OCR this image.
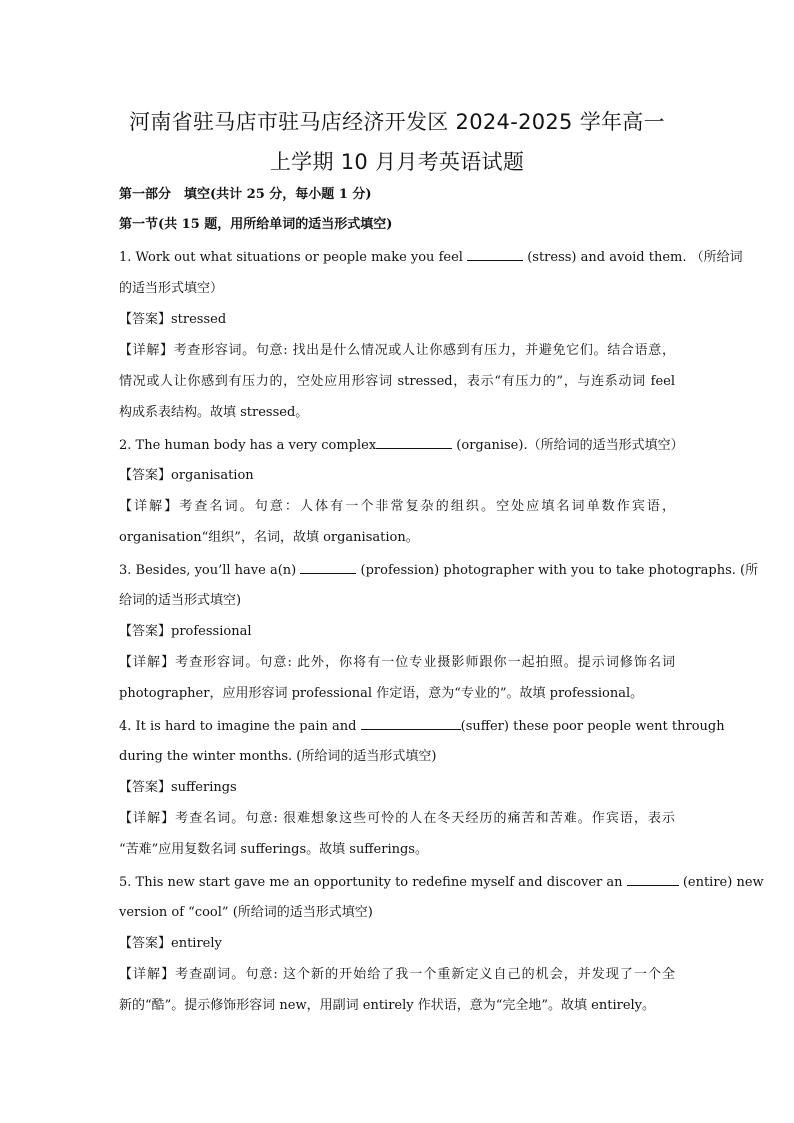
河南省驻马店市驻马店经济开发区 2024-2025 学年高一
上学期 10 月月考英语试题
第一部分　填空(共计 25 分，每小题 1 分)
第一节(共 15 题，用所给单词的适当形式填空)
1. Work out what situations or people make you feel	(stress) and avoid them. （所给词
的适当形式填空）
【答案】stressed
【详解】考查形容词。句意: 找出是什么情况或人让你感到有压力，并避免它们。结合语意，
情况或人让你感到有压力的，空处应用形容词 stressed，表示“有压力的”，与连系动词 feel
构成系表结构。故填 stressed。
2. The human body has a very complex	(organise).（所给词的适当形式填空）
【答案】organisation
【详解】考查名词。句意：人体有一个非常复杂的组织。空处应填名词单数作宾语，
organisation“组织”，名词，故填 organisation。
3. Besides, you’ll have a(n)	(profession) photographer with you to take photographs. (所
给词的适当形式填空)
【答案】professional
【详解】考查形容词。句意: 此外，你将有一位专业摄影师跟你一起拍照。提示词修饰名词
photographer，应用形容词 professional 作定语，意为“专业的”。故填 professional。
4. It is hard to imagine the pain and	(suffer) these poor people went through
during the winter months. (所给词的适当形式填空)
【答案】sufferings
【详解】考查名词。句意: 很难想象这些可怜的人在冬天经历的痛苦和苦难。作宾语，表示
“苦难”应用复数名词 sufferings。故填 sufferings。
5. This new start gave me an opportunity to redefine myself and discover an	(entire) new
version of “cool” (所给词的适当形式填空)
【答案】entirely
【详解】考查副词。句意: 这个新的开始给了我一个重新定义自己的机会，并发现了一个全
新的“酷”。提示修饰形容词 new，用副词 entirely 作状语，意为“完全地”。故填 entirely。
